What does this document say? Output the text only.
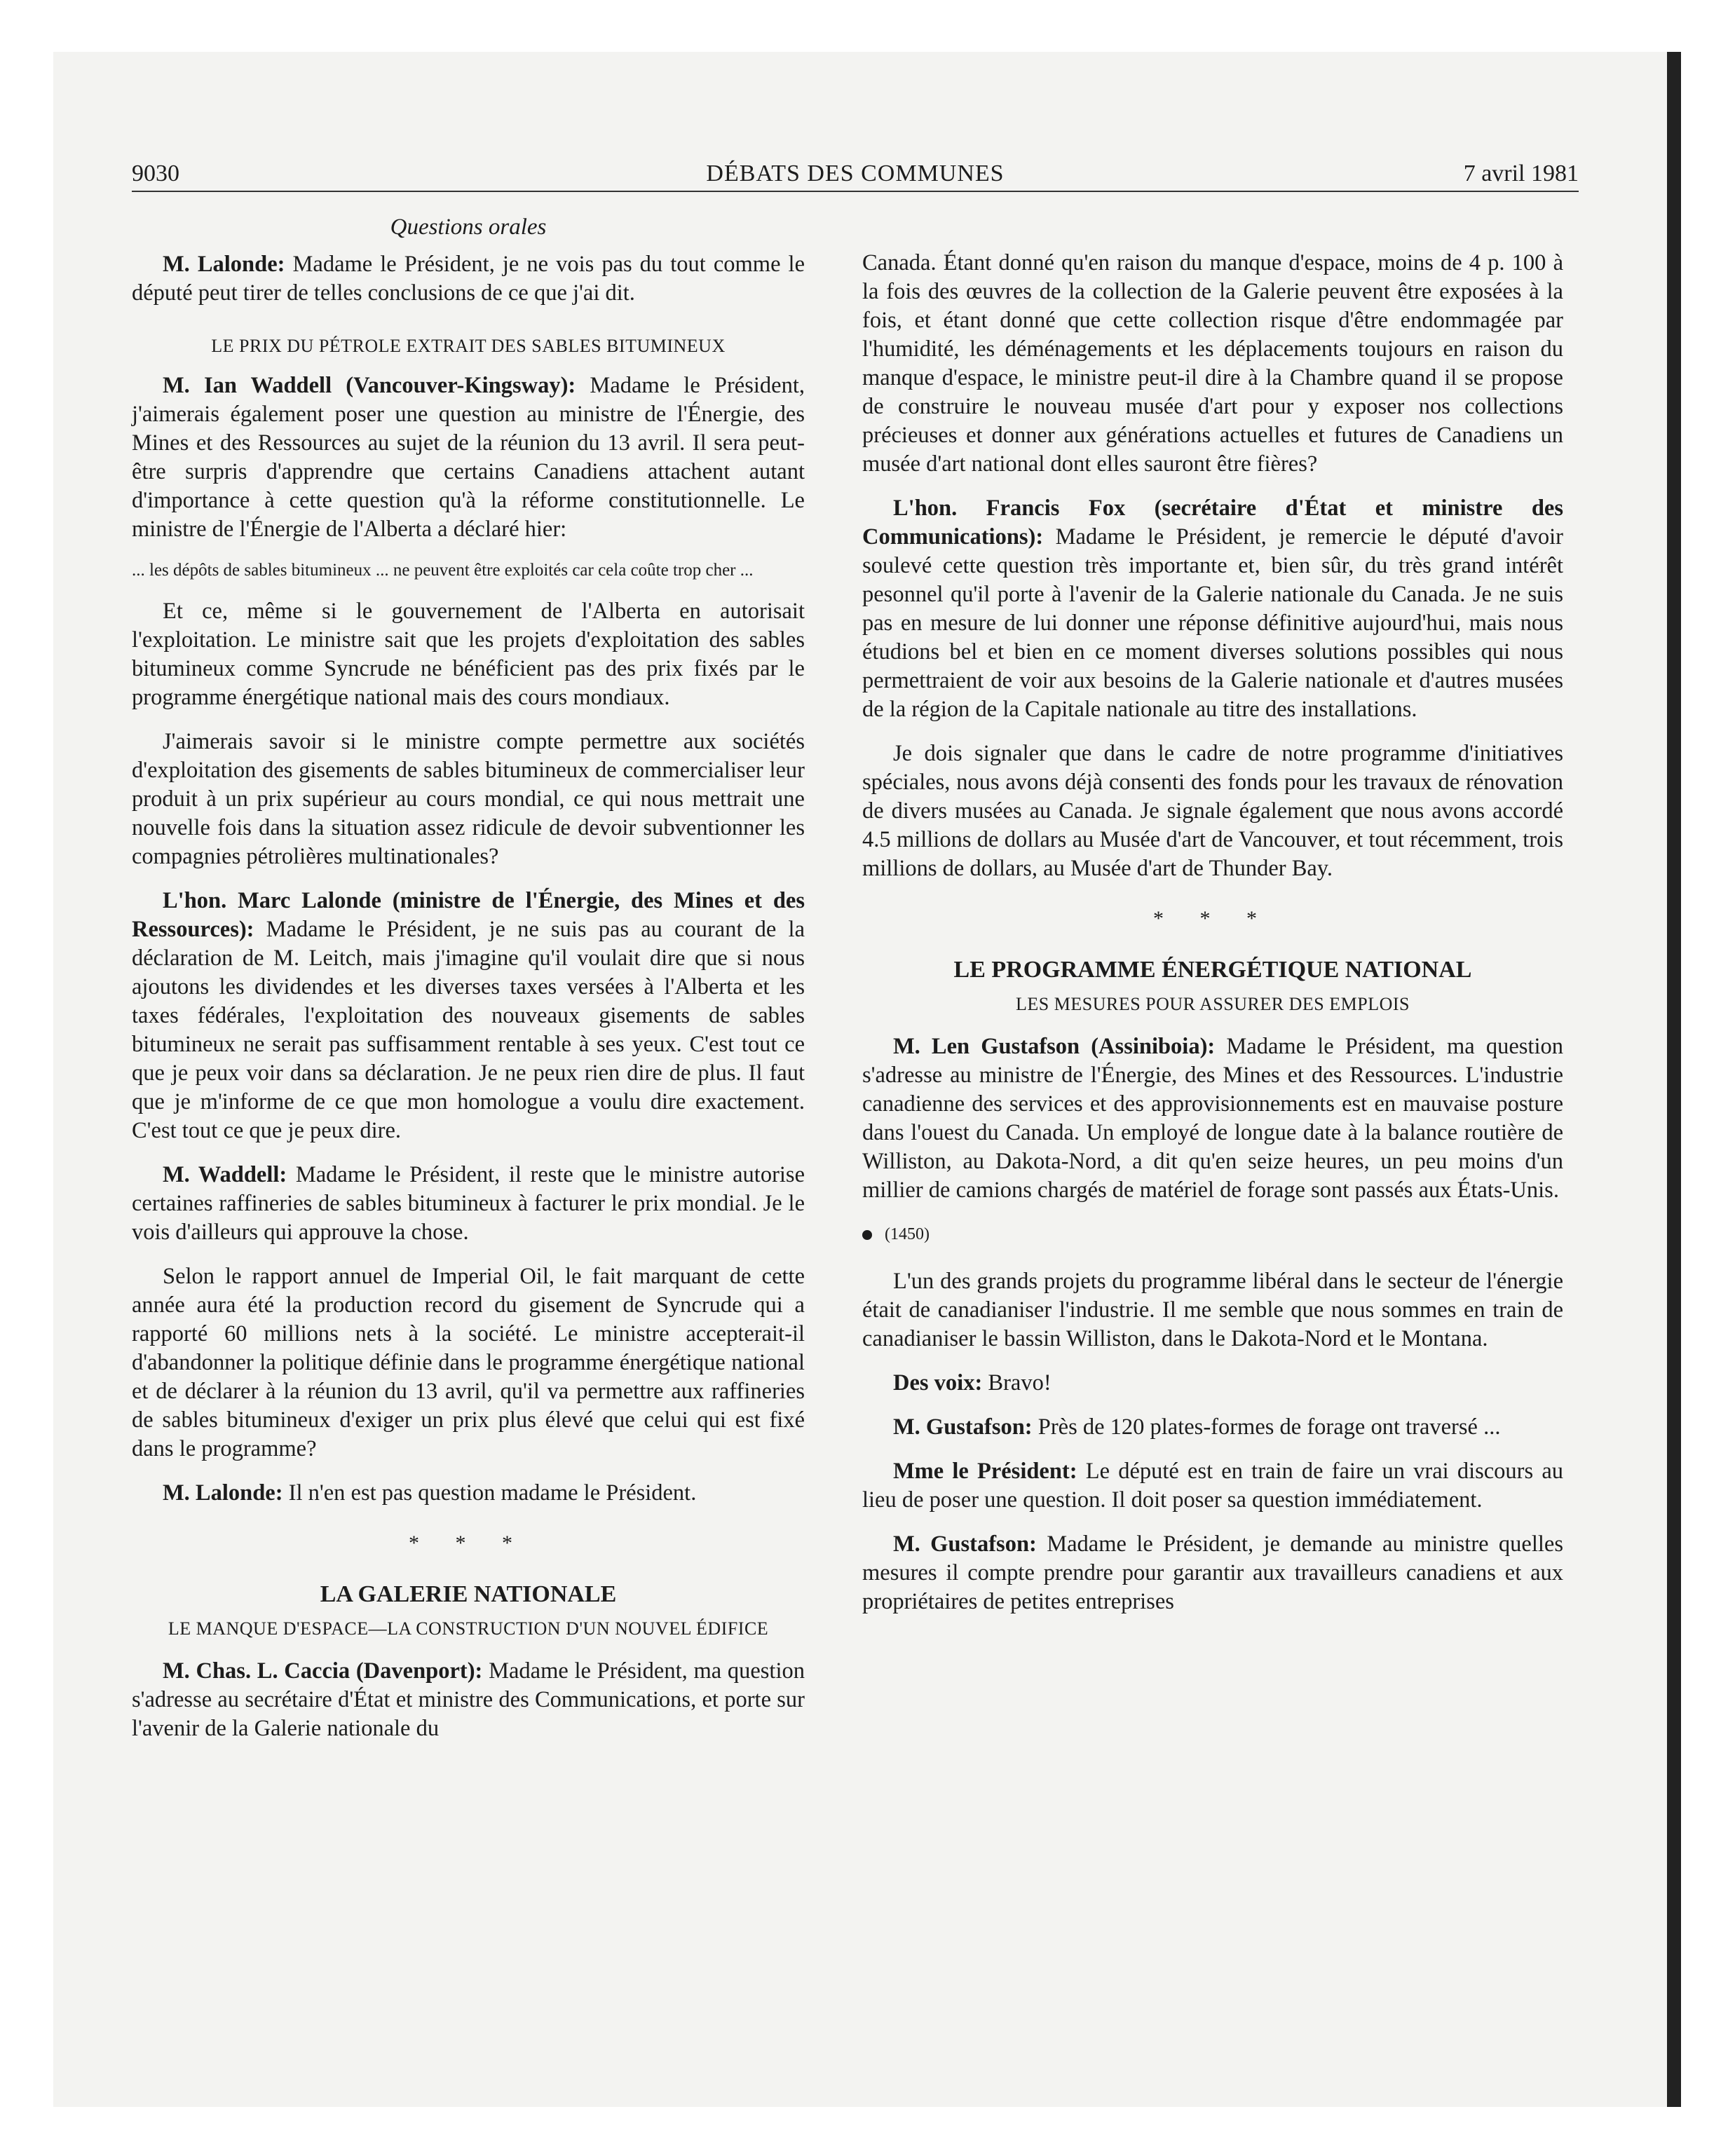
9030	DÉBATS DES COMMUNES	7 avril 1981
Questions orales

M. Lalonde: Madame le Président, je ne vois pas du tout comme le député peut tirer de telles conclusions de ce que j'ai dit.

LE PRIX DU PÉTROLE EXTRAIT DES SABLES BITUMINEUX

M. Ian Waddell (Vancouver-Kingsway): Madame le Président, j'aimerais également poser une question au ministre de l'Énergie, des Mines et des Ressources au sujet de la réunion du 13 avril. Il sera peut-être surpris d'apprendre que certains Canadiens attachent autant d'importance à cette question qu'à la réforme constitutionnelle. Le ministre de l'Énergie de l'Alberta a déclaré hier:

... les dépôts de sables bitumineux ... ne peuvent être exploités car cela coûte trop cher ...

Et ce, même si le gouvernement de l'Alberta en autorisait l'exploitation. Le ministre sait que les projets d'exploitation des sables bitumineux comme Syncrude ne bénéficient pas des prix fixés par le programme énergétique national mais des cours mondiaux.

J'aimerais savoir si le ministre compte permettre aux sociétés d'exploitation des gisements de sables bitumineux de commercialiser leur produit à un prix supérieur au cours mondial, ce qui nous mettrait une nouvelle fois dans la situation assez ridicule de devoir subventionner les compagnies pétrolières multinationales?

L'hon. Marc Lalonde (ministre de l'Énergie, des Mines et des Ressources): Madame le Président, je ne suis pas au courant de la déclaration de M. Leitch, mais j'imagine qu'il voulait dire que si nous ajoutons les dividendes et les diverses taxes versées à l'Alberta et les taxes fédérales, l'exploitation des nouveaux gisements de sables bitumineux ne serait pas suffisamment rentable à ses yeux. C'est tout ce que je peux voir dans sa déclaration. Je ne peux rien dire de plus. Il faut que je m'informe de ce que mon homologue a voulu dire exactement. C'est tout ce que je peux dire.

M. Waddell: Madame le Président, il reste que le ministre autorise certaines raffineries de sables bitumineux à facturer le prix mondial. Je le vois d'ailleurs qui approuve la chose.

Selon le rapport annuel de Imperial Oil, le fait marquant de cette année aura été la production record du gisement de Syncrude qui a rapporté 60 millions nets à la société. Le ministre accepterait-il d'abandonner la politique définie dans le programme énergétique national et de déclarer à la réunion du 13 avril, qu'il va permettre aux raffineries de sables bitumineux d'exiger un prix plus élevé que celui qui est fixé dans le programme?

M. Lalonde: Il n'en est pas question madame le Président.

* * *
LA GALERIE NATIONALE
LE MANQUE D'ESPACE—LA CONSTRUCTION D'UN NOUVEL ÉDIFICE

M. Chas. L. Caccia (Davenport): Madame le Président, ma question s'adresse au secrétaire d'État et ministre des Communications, et porte sur l'avenir de la Galerie nationale du

Canada. Étant donné qu'en raison du manque d'espace, moins de 4 p. 100 à la fois des œuvres de la collection de la Galerie peuvent être exposées à la fois, et étant donné que cette collection risque d'être endommagée par l'humidité, les déménagements et les déplacements toujours en raison du manque d'espace, le ministre peut-il dire à la Chambre quand il se propose de construire le nouveau musée d'art pour y exposer nos collections précieuses et donner aux générations actuelles et futures de Canadiens un musée d'art national dont elles sauront être fières?

L'hon. Francis Fox (secrétaire d'État et ministre des Communications): Madame le Président, je remercie le député d'avoir soulevé cette question très importante et, bien sûr, du très grand intérêt pesonnel qu'il porte à l'avenir de la Galerie nationale du Canada. Je ne suis pas en mesure de lui donner une réponse définitive aujourd'hui, mais nous étudions bel et bien en ce moment diverses solutions possibles qui nous permettraient de voir aux besoins de la Galerie nationale et d'autres musées de la région de la Capitale nationale au titre des installations.

Je dois signaler que dans le cadre de notre programme d'initiatives spéciales, nous avons déjà consenti des fonds pour les travaux de rénovation de divers musées au Canada. Je signale également que nous avons accordé 4.5 millions de dollars au Musée d'art de Vancouver, et tout récemment, trois millions de dollars, au Musée d'art de Thunder Bay.

* * *
LE PROGRAMME ÉNERGÉTIQUE NATIONAL
LES MESURES POUR ASSURER DES EMPLOIS

M. Len Gustafson (Assiniboia): Madame le Président, ma question s'adresse au ministre de l'Énergie, des Mines et des Ressources. L'industrie canadienne des services et des approvisionnements est en mauvaise posture dans l'ouest du Canada. Un employé de longue date à la balance routière de Williston, au Dakota-Nord, a dit qu'en seize heures, un peu moins d'un millier de camions chargés de matériel de forage sont passés aux États-Unis.

(1450)

L'un des grands projets du programme libéral dans le secteur de l'énergie était de canadianiser l'industrie. Il me semble que nous sommes en train de canadianiser le bassin Williston, dans le Dakota-Nord et le Montana.

Des voix: Bravo!

M. Gustafson: Près de 120 plates-formes de forage ont traversé ...

Mme le Président: Le député est en train de faire un vrai discours au lieu de poser une question. Il doit poser sa question immédiatement.

M. Gustafson: Madame le Président, je demande au ministre quelles mesures il compte prendre pour garantir aux travailleurs canadiens et aux propriétaires de petites entreprises
